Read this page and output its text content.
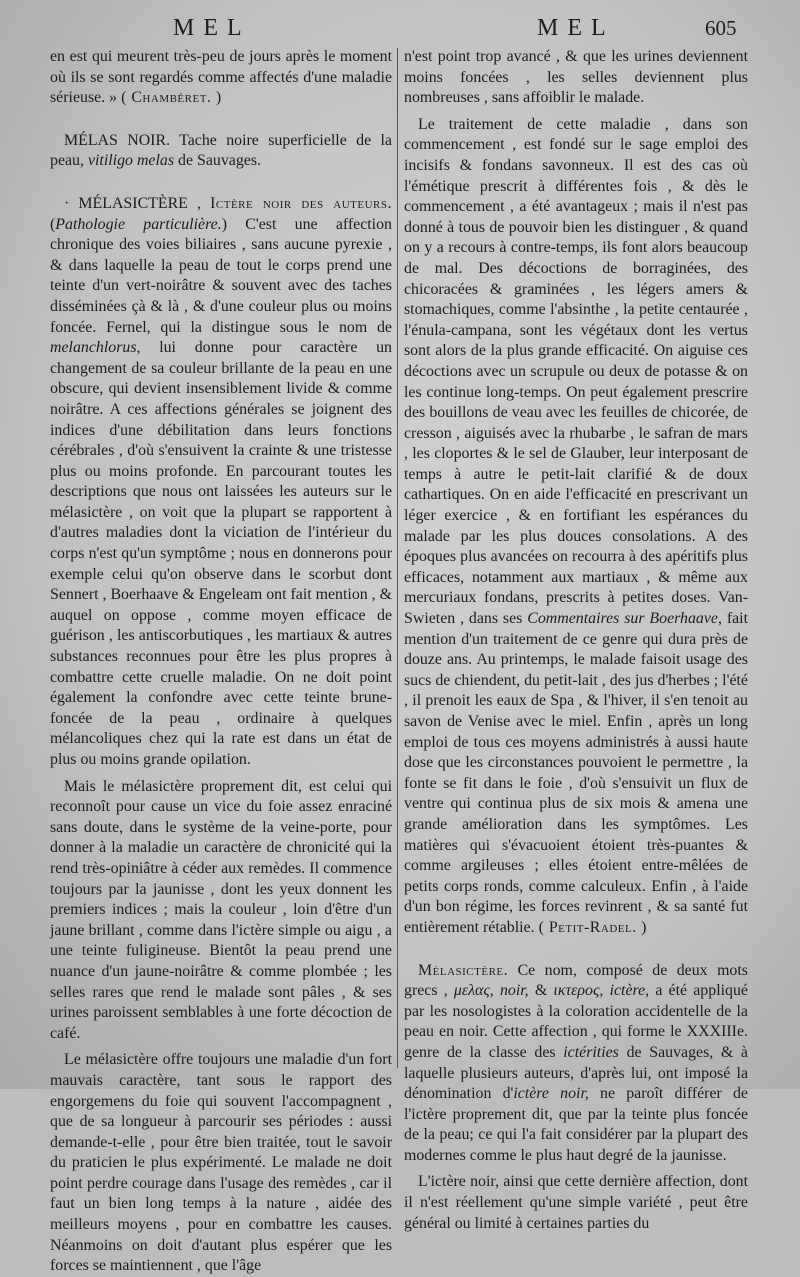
MEL	MEL	605

en est qui meurent très-peu de jours après le moment où ils se sont regardés comme affectés d'une maladie sérieuse. » ( Chambéret. )

MÉLAS NOIR. Tache noire superficielle de la peau, vitiligo melas de Sauvages.

· MÉLASICTÈRE , Ictère noir des auteurs. (Pathologie particulière.) C'est une affection chronique des voies biliaires , sans aucune pyrexie , & dans laquelle la peau de tout le corps prend une teinte d'un vert-noirâtre & souvent avec des taches disséminées çà & là , & d'une couleur plus ou moins foncée. Fernel, qui la distingue sous le nom de melanchlorus, lui donne pour caractère un changement de sa couleur brillante de la peau en une obscure, qui devient insensiblement livide & comme noirâtre. A ces affections générales se joignent des indices d'une débilitation dans leurs fonctions cérébrales , d'où s'ensuivent la crainte & une tristesse plus ou moins profonde. En parcourant toutes les descriptions que nous ont laissées les auteurs sur le mélasictère , on voit que la plupart se rapportent à d'autres maladies dont la viciation de l'intérieur du corps n'est qu'un symptôme ; nous en donnerons pour exemple celui qu'on observe dans le scorbut dont Sennert , Boerhaave & Engeleam ont fait mention , & auquel on oppose , comme moyen efficace de guérison , les antiscorbutiques , les martiaux & autres substances reconnues pour être les plus propres à combattre cette cruelle maladie. On ne doit point également la confondre avec cette teinte brune-foncée de la peau , ordinaire à quelques mélancoliques chez qui la rate est dans un état de plus ou moins grande opilation.

Mais le mélasictère proprement dit, est celui qui reconnoît pour cause un vice du foie assez enraciné sans doute, dans le système de la veine-porte, pour donner à la maladie un caractère de chronicité qui la rend très-opiniâtre à céder aux remèdes. Il commence toujours par la jaunisse , dont les yeux donnent les premiers indices ; mais la couleur , loin d'être d'un jaune brillant , comme dans l'ictère simple ou aigu , a une teinte fuligineuse. Bientôt la peau prend une nuance d'un jaune-noirâtre & comme plombée ; les selles rares que rend le malade sont pâles , & ses urines paroissent semblables à une forte décoction de café.

Le mélasictère offre toujours une maladie d'un fort mauvais caractère, tant sous le rapport des engorgemens du foie qui souvent l'accompagnent , que de sa longueur à parcourir ses périodes : aussi demande-t-elle , pour être bien traitée, tout le savoir du praticien le plus expérimenté. Le malade ne doit point perdre courage dans l'usage des remèdes , car il faut un bien long temps à la nature , aidée des meilleurs moyens , pour en combattre les causes. Néanmoins on doit d'autant plus espérer que les forces se maintiennent , que l'âge

n'est point trop avancé , & que les urines deviennent moins foncées , les selles deviennent plus nombreuses , sans affoiblir le malade.

Le traitement de cette maladie , dans son commencement , est fondé sur le sage emploi des incisifs & fondans savonneux. Il est des cas où l'émétique prescrit à différentes fois , & dès le commencement , a été avantageux ; mais il n'est pas donné à tous de pouvoir bien les distinguer , & quand on y a recours à contre-temps, ils font alors beaucoup de mal. Des décoctions de borraginées, des chicoracées & graminées , les légers amers & stomachiques, comme l'absinthe , la petite centaurée , l'énula-campana, sont les végétaux dont les vertus sont alors de la plus grande efficacité. On aiguise ces décoctions avec un scrupule ou deux de potasse & on les continue long-temps. On peut également prescrire des bouillons de veau avec les feuilles de chicorée, de cresson , aiguisés avec la rhubarbe , le safran de mars , les cloportes & le sel de Glauber, leur interposant de temps à autre le petit-lait clarifié & de doux cathartiques. On en aide l'efficacité en prescrivant un léger exercice , & en fortifiant les espérances du malade par les plus douces consolations. A des époques plus avancées on recourra à des apéritifs plus efficaces, notamment aux martiaux , & même aux mercuriaux fondans, prescrits à petites doses. Van-Swieten , dans ses Commentaires sur Boerhaave, fait mention d'un traitement de ce genre qui dura près de douze ans. Au printemps, le malade faisoit usage des sucs de chiendent, du petit-lait , des jus d'herbes ; l'été , il prenoit les eaux de Spa , & l'hiver, il s'en tenoit au savon de Venise avec le miel. Enfin , après un long emploi de tous ces moyens administrés à aussi haute dose que les circonstances pouvoient le permettre , la fonte se fit dans le foie , d'où s'ensuivit un flux de ventre qui continua plus de six mois & amena une grande amélioration dans les symptômes. Les matières qui s'évacuoient étoient très-puantes & comme argileuses ; elles étoient entre-mêlées de petits corps ronds, comme calculeux. Enfin , à l'aide d'un bon régime, les forces revinrent , & sa santé fut entièrement rétablie. ( Petit-Radel. )

Mélasictère. Ce nom, composé de deux mots grecs , μελας, noir, & ικτερος, ictère, a été appliqué par les nosologistes à la coloration accidentelle de la peau en noir. Cette affection , qui forme le XXXIIIe. genre de la classe des ictérities de Sauvages, & à laquelle plusieurs auteurs, d'après lui, ont imposé la dénomination d'ictère noir, ne paroît différer de l'ictère proprement dit, que par la teinte plus foncée de la peau; ce qui l'a fait considérer par la plupart des modernes comme le plus haut degré de la jaunisse.

L'ictère noir, ainsi que cette dernière affection, dont il n'est réellement qu'une simple variété , peut être général ou limité à certaines parties du
